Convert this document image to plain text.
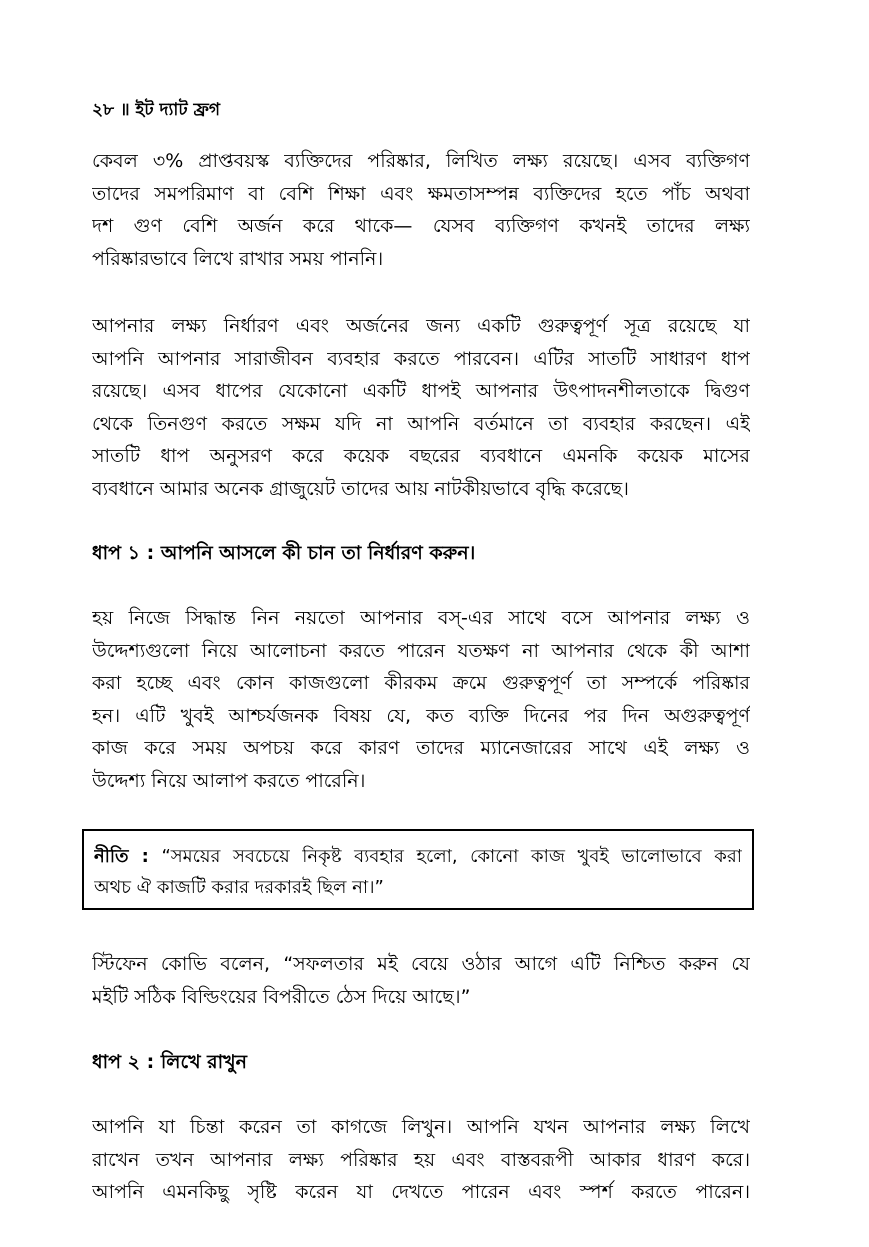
২৮ ॥ ইট দ্যাট ফ্রগ
কেবল ৩% প্রাপ্তবয়স্ক ব্যক্তিদের পরিষ্কার, লিখিত লক্ষ্য রয়েছে। এসব ব্যক্তিগণ
তাদের সমপরিমাণ বা বেশি শিক্ষা এবং ক্ষমতাসম্পন্ন ব্যক্তিদের হতে পাঁচ অথবা
দশ গুণ বেশি অর্জন করে থাকে— যেসব ব্যক্তিগণ কখনই তাদের লক্ষ্য
পরিষ্কারভাবে লিখে রাখার সময় পাননি।
আপনার লক্ষ্য নির্ধারণ এবং অর্জনের জন্য একটি গুরুত্বপূর্ণ সূত্র রয়েছে যা
আপনি আপনার সারাজীবন ব্যবহার করতে পারবেন। এটির সাতটি সাধারণ ধাপ
রয়েছে। এসব ধাপের যেকোনো একটি ধাপই আপনার উৎপাদনশীলতাকে দ্বিগুণ
থেকে তিনগুণ করতে সক্ষম যদি না আপনি বর্তমানে তা ব্যবহার করছেন। এই
সাতটি ধাপ অনুসরণ করে কয়েক বছরের ব্যবধানে এমনকি কয়েক মাসের
ব্যবধানে আমার অনেক গ্রাজুয়েট তাদের আয় নাটকীয়ভাবে বৃদ্ধি করেছে।
ধাপ ১ : আপনি আসলে কী চান তা নির্ধারণ করুন।
হয় নিজে সিদ্ধান্ত নিন নয়তো আপনার বস্-এর সাথে বসে আপনার লক্ষ্য ও
উদ্দেশ্যগুলো নিয়ে আলোচনা করতে পারেন যতক্ষণ না আপনার থেকে কী আশা
করা হচ্ছে এবং কোন কাজগুলো কীরকম ক্রমে গুরুত্বপূর্ণ তা সম্পর্কে পরিষ্কার
হন। এটি খুবই আশ্চর্যজনক বিষয় যে, কত ব্যক্তি দিনের পর দিন অগুরুত্বপূর্ণ
কাজ করে সময় অপচয় করে কারণ তাদের ম্যানেজারের সাথে এই লক্ষ্য ও
উদ্দেশ্য নিয়ে আলাপ করতে পারেনি।
নীতি : “সময়ের সবচেয়ে নিকৃষ্ট ব্যবহার হলো, কোনো কাজ খুবই ভালোভাবে করা
অথচ ঐ কাজটি করার দরকারই ছিল না।”
স্টিফেন কোভি বলেন, “সফলতার মই বেয়ে ওঠার আগে এটি নিশ্চিত করুন যে
মইটি সঠিক বিল্ডিংয়ের বিপরীতে ঠেস দিয়ে আছে।”
ধাপ ২ : লিখে রাখুন
আপনি যা চিন্তা করেন তা কাগজে লিখুন। আপনি যখন আপনার লক্ষ্য লিখে
রাখেন তখন আপনার লক্ষ্য পরিষ্কার হয় এবং বাস্তবরূপী আকার ধারণ করে।
আপনি এমনকিছু সৃষ্টি করেন যা দেখতে পারেন এবং স্পর্শ করতে পারেন।
